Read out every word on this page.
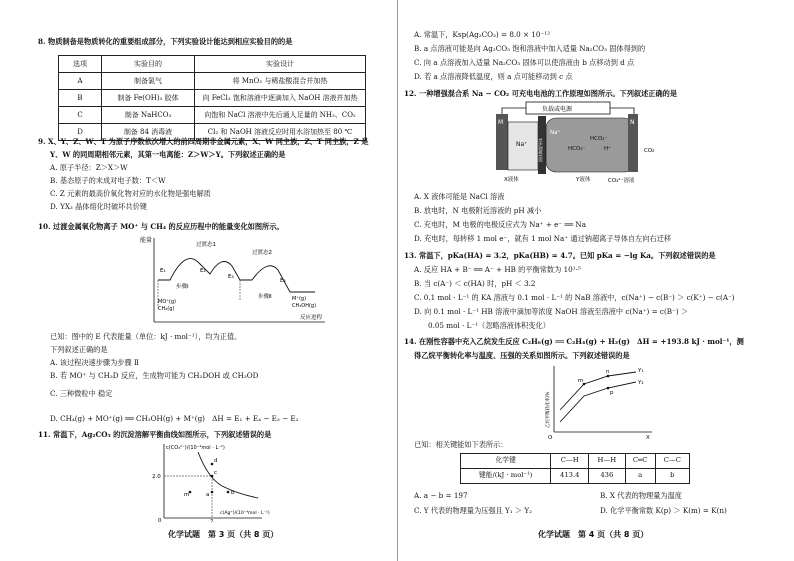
8. 物质制备是物质转化的重要组成部分，下列实验设计能达到相应实验目的的是
选项	实验目的	实验设计
A	制备氯气	将 MnO₂ 与稀盐酸混合并加热
B	制备 Fe(OH)₃ 胶体	向 FeCl₃ 饱和溶液中逐滴加入 NaOH 溶液并加热
C	制备 NaHCO₃	向饱和 NaCl 溶液中先后通人足量的 NH₃、CO₂
D	制备 84 消毒液	Cl₂ 和 NaOH 溶液反应时用水浴加热至 80 ℃
9. X、Y、Z、W、T 为原子序数依次增大的前四周期非金属元素，X、W 同主族，Z、T 同主族，Z 是
Y、W 的同周期相邻元素，其第一电离能：Z＞W＞Y。下列叙述正确的是
A. 原子半径：Z＞X＞W
B. 基态原子的未成对电子数：T＜W
C. Z 元素的最高价氧化物对应的水化物是强电解质
D. YX₃ 晶体熔化时破坏共价键
10. 过渡金属氧化物离子 MO⁺ 与 CH₄ 的反应历程中的能量变化如图所示。
能量
反应进程
过渡态1
过渡态2
步骤Ⅰ
步骤Ⅱ
E₁	E₂
E₃
E₄
MO⁺(g)
CH₄(g)
M⁺(g)
CH₃OH(g)
已知：图中的 E 代表能量（单位：kJ · mol⁻¹），均为正值。
下列叙述正确的是
A. 该过程决速步骤为步骤 Ⅱ
B. 若 MO⁺ 与 CH₃D 反应，生成物可能为 CH₂DOH 或 CH₃OD
C. 三种微粒中 稳定
D. CH₄(g) + MO⁺(g) ══ CH₃OH(g) + M⁺(g)　ΔH = E₁ + E₄ − E₃ − E₂
11. 常温下，Ag₂CO₃ 的沉淀溶解平衡曲线如图所示，下列叙述错误的是
c(CO₃²⁻)/(10⁻⁴mol · L⁻¹)
c(Ag⁺)/(10⁻⁴mol · L⁻¹)
2.0
0	2
a	b
c
d
m
化学试题　第 3 页（共 8 页）
A. 常温下，Ksp(Ag₂CO₃) = 8.0 × 10⁻¹²
B. a 点溶液可能是向 Ag₂CO₃ 饱和溶液中加入适量 Na₂CO₃ 固体得到的
C. 向 a 点溶液加入适量 Na₂CO₃ 固体可以使溶液由 b 点移动到 d 点
D. 若 a 点溶液降低温度，则 a 点可能移动到 c 点
12. 一种增强混合系 Na − CO₂ 可充电电池的工作原理如图所示。下列叙述正确的是
负载或电源
Na⁺
Na⁺
固体陶瓷导体	HCO₃⁻
HCO₃⁻
H⁺	CO₂
X液体	Y液体	CO₃²⁻溶液
N
M
A. X 液体可能是 NaCl 溶液
B. 放电时，N 电极附近溶液的 pH 减小
C. 充电时，M 电极的电极反应式为 Na⁺ + e⁻ ══ Na
D. 充电时，每转移 1 mol e⁻，就有 1 mol Na⁺ 通过钠超离子导体自左向右迁移
13. 常温下，pKa(HA) = 3.2，pKa(HB) = 4.7。已知 pKa = −lg Ka。下列叙述错误的是
A. 反应 HA + B⁻ ══ A⁻ + HB 的平衡常数为 10¹·⁵
B. 当 c(A⁻) ＜ c(HA) 时，pH ＜ 3.2
C. 0.1 mol · L⁻¹ 的 KA 溶液与 0.1 mol · L⁻¹ 的 NaB 溶液中，c(Na⁺) − c(B⁻) ＞ c(K⁺) − c(A⁻)
D. 向 0.1 mol · L⁻¹ HB 溶液中滴加等浓度 NaOH 溶液至溶液中 c(Na⁺) = c(B⁻) ＞
0.05 mol · L⁻¹（忽略溶液体积变化）
14. 在刚性容器中充入乙烷发生反应 C₂H₆(g) ══ C₂H₄(g) + H₂(g)　ΔH = +193.8 kJ · mol⁻¹，测
得乙烷平衡转化率与温度、压强的关系如图所示。下列叙述错误的是
乙烷平衡转化率/%
X
O
Y₁
Y₂
m
n
p
已知：相关键能如下表所示：
化学键	C—H	H—H	C═C	C—C
键能/(kJ · mol⁻¹)	413.4	436	a	b
A. a − b = 197	B. X 代表的物理量为温度
C. Y 代表的物理量为压强且 Y₁ ＞ Y₂	D. 化学平衡常数 K(p) ＞ K(m) = K(n)
化学试题　第 4 页（共 8 页）
